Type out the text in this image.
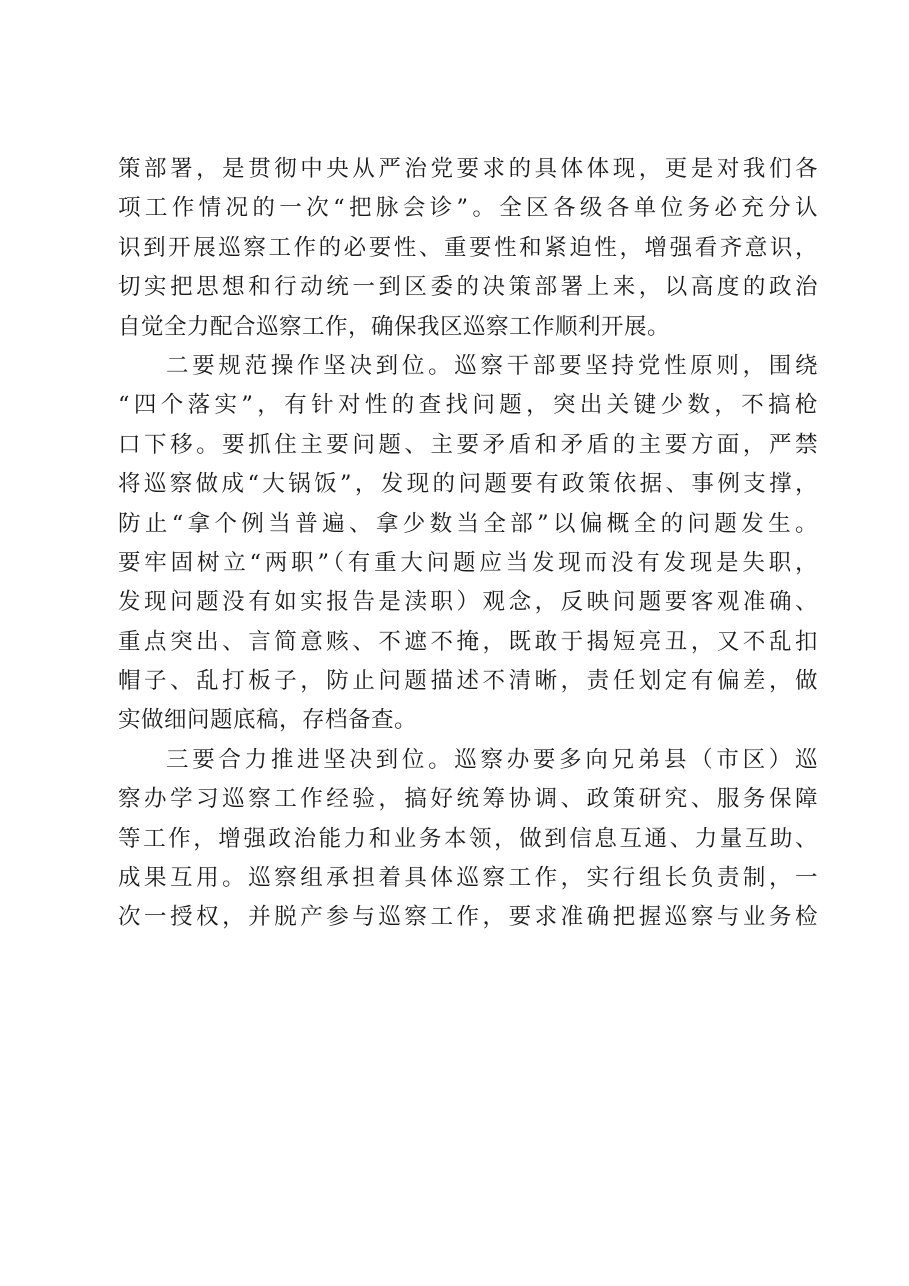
策部署，是贯彻中央从严治党要求的具体体现，更是对我们各
项工作情况的一次“把脉会诊”。全区各级各单位务必充分认
识到开展巡察工作的必要性、重要性和紧迫性，增强看齐意识，
切实把思想和行动统一到区委的决策部署上来，以高度的政治
自觉全力配合巡察工作，确保我区巡察工作顺利开展。
二要规范操作坚决到位。巡察干部要坚持党性原则，围绕
“四个落实”，有针对性的查找问题，突出关键少数，不搞枪
口下移。要抓住主要问题、主要矛盾和矛盾的主要方面，严禁
将巡察做成“大锅饭”，发现的问题要有政策依据、事例支撑，
防止“拿个例当普遍、拿少数当全部”以偏概全的问题发生。
要牢固树立“两职”（有重大问题应当发现而没有发现是失职，
发现问题没有如实报告是渎职）观念，反映问题要客观准确、
重点突出、言简意赅、不遮不掩，既敢于揭短亮丑，又不乱扣
帽子、乱打板子，防止问题描述不清晰，责任划定有偏差，做
实做细问题底稿，存档备查。
三要合力推进坚决到位。巡察办要多向兄弟县（市区）巡
察办学习巡察工作经验，搞好统筹协调、政策研究、服务保障
等工作，增强政治能力和业务本领，做到信息互通、力量互助、
成果互用。巡察组承担着具体巡察工作，实行组长负责制，一
次一授权，并脱产参与巡察工作，要求准确把握巡察与业务检
